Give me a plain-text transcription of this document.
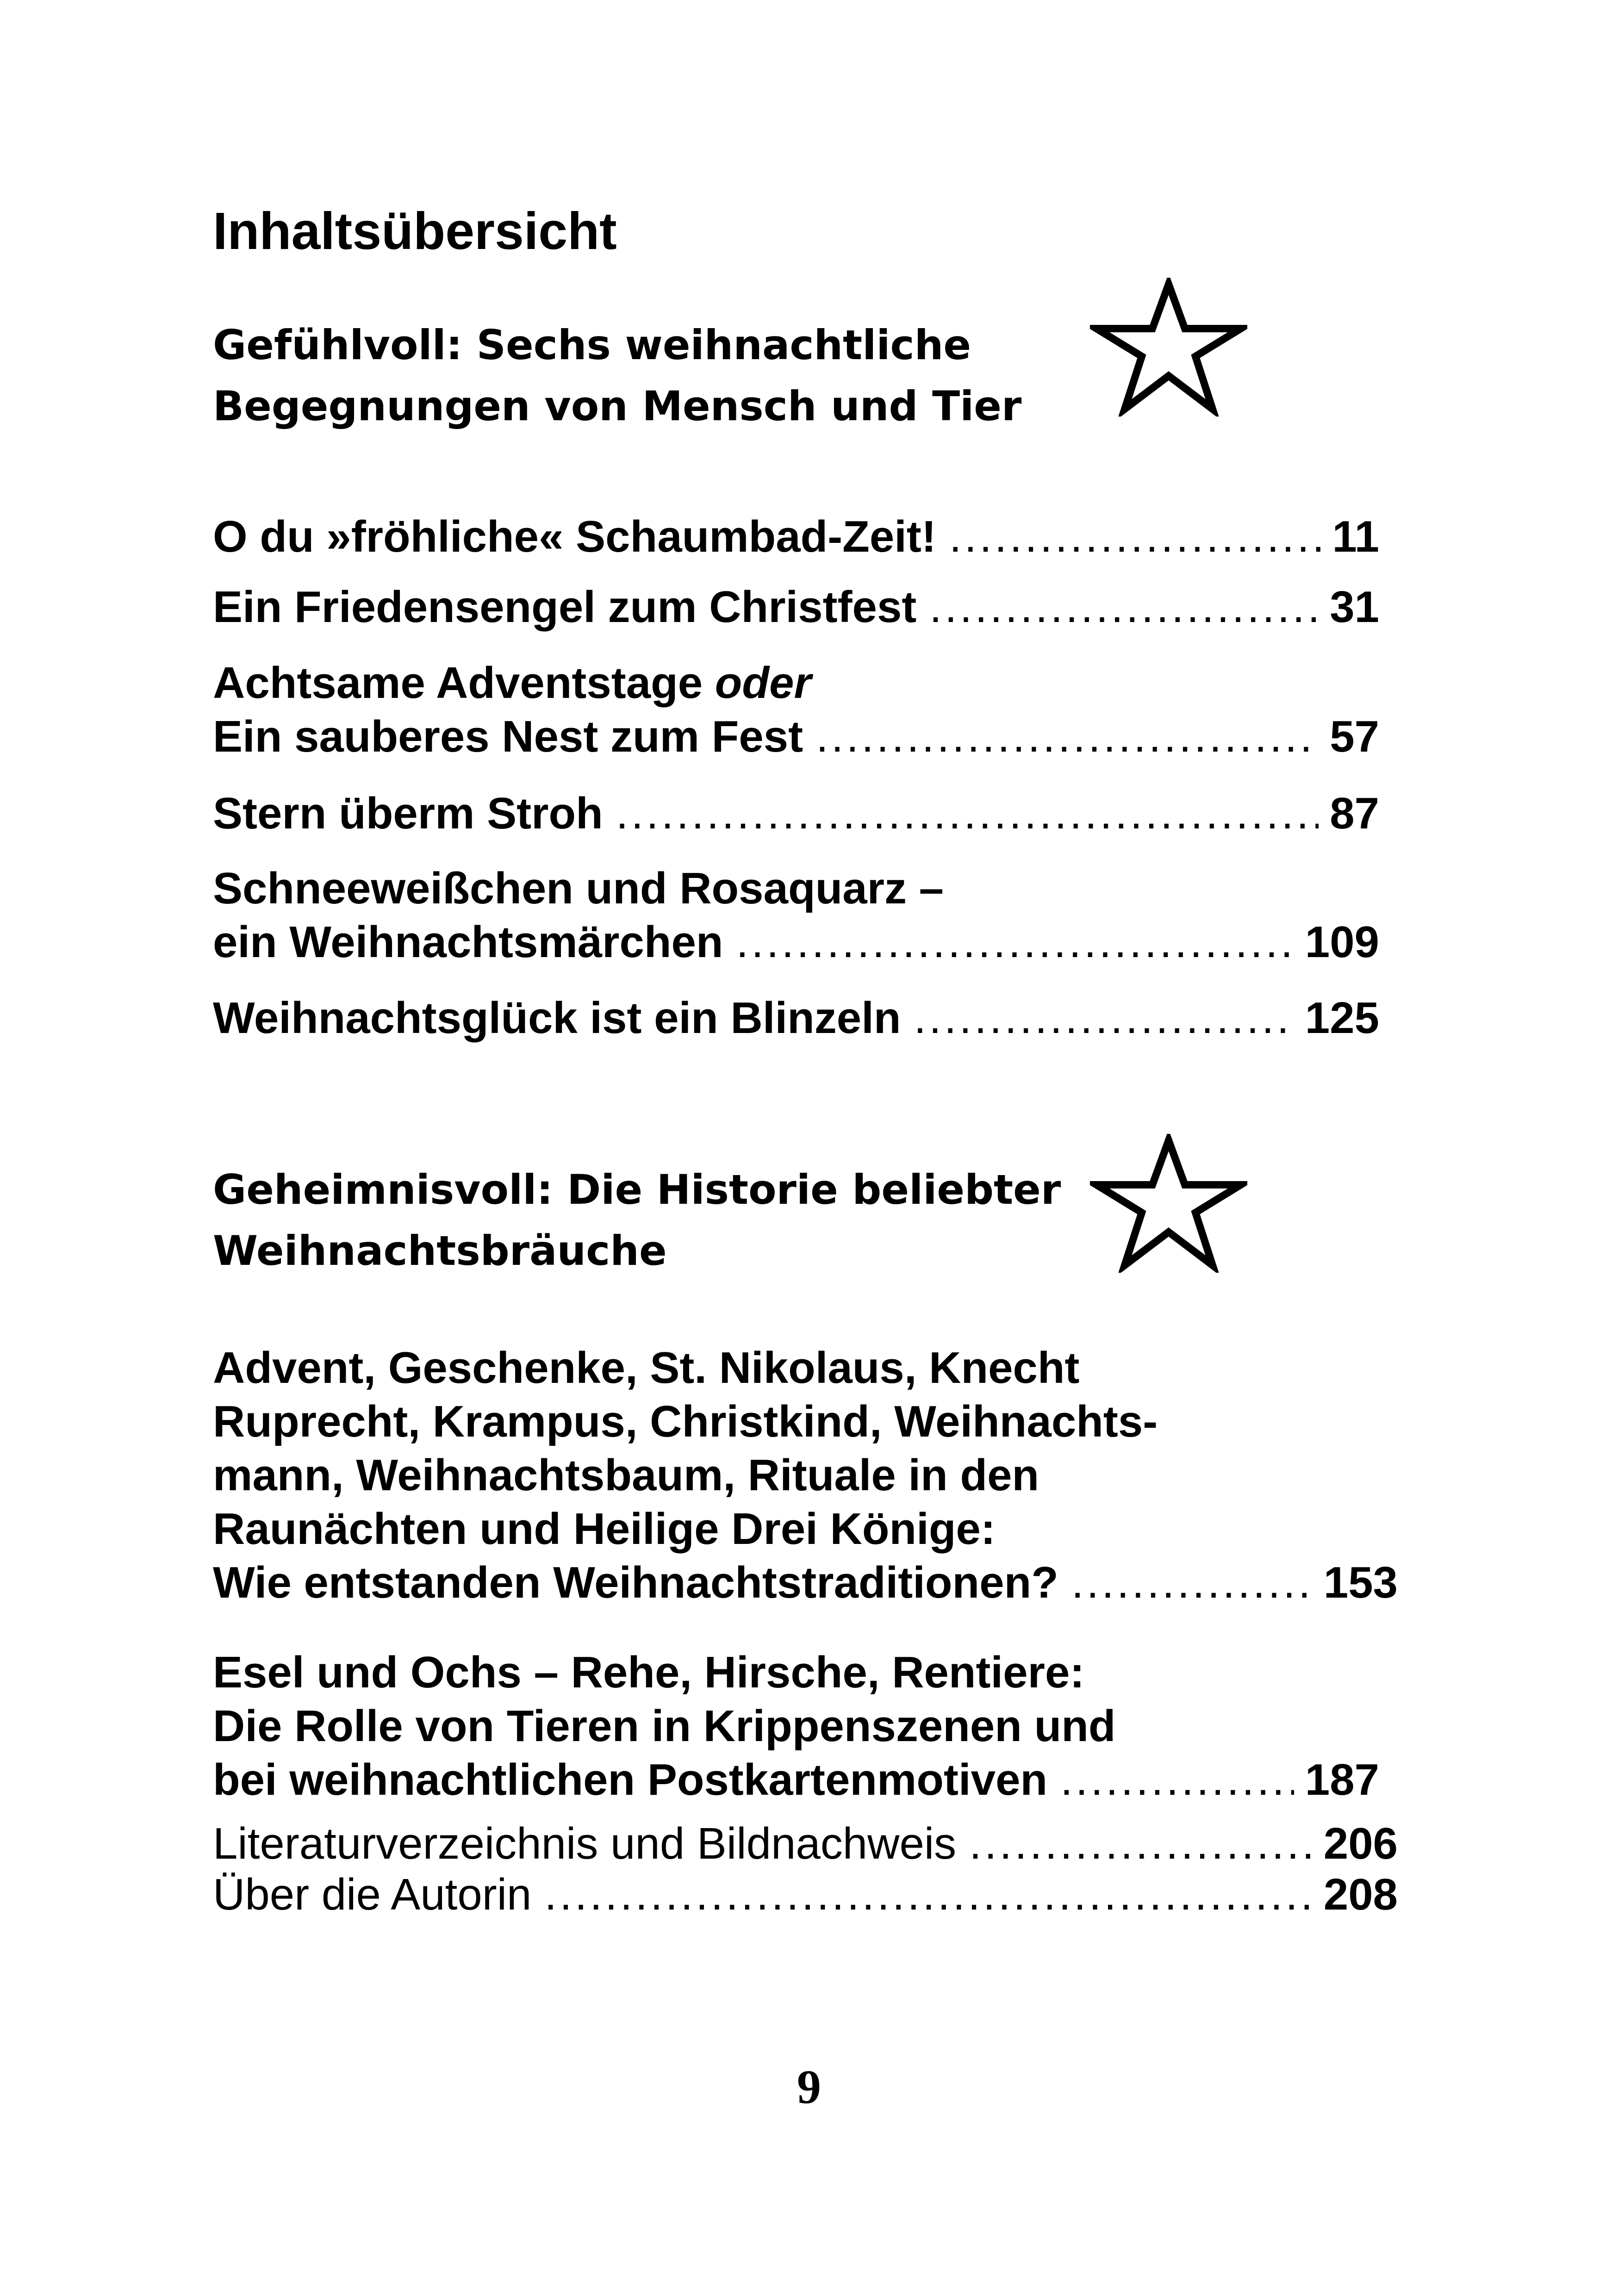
Inhaltsübersicht
Gefühlvoll: Sechs weihnachtliche
Begegnungen von Mensch und Tier
O du »fröhliche« Schaumbad-Zeit! .....	11
Ein Friedensengel zum Christfest .....	31
Achtsame Adventstage oder
Ein sauberes Nest zum Fest .....	57
Stern überm Stroh .....	87
Schneeweißchen und Rosaquarz –
ein Weihnachtsmärchen .....	109
Weihnachtsglück ist ein Blinzeln .....	125
Geheimnisvoll: Die Historie beliebter
Weihnachtsbräuche
Advent, Geschenke, St. Nikolaus, Knecht
Ruprecht, Krampus, Christkind, Weihnachts-
mann, Weihnachtsbaum, Rituale in den
Raunächten und Heilige Drei Könige:
Wie entstanden Weihnachtstraditionen? .....	153
Esel und Ochs – Rehe, Hirsche, Rentiere:
Die Rolle von Tieren in Krippenszenen und
bei weihnachtlichen Postkartenmotiven .....	187
Literaturverzeichnis und Bildnachweis .....	206
Über die Autorin .....	208
9
